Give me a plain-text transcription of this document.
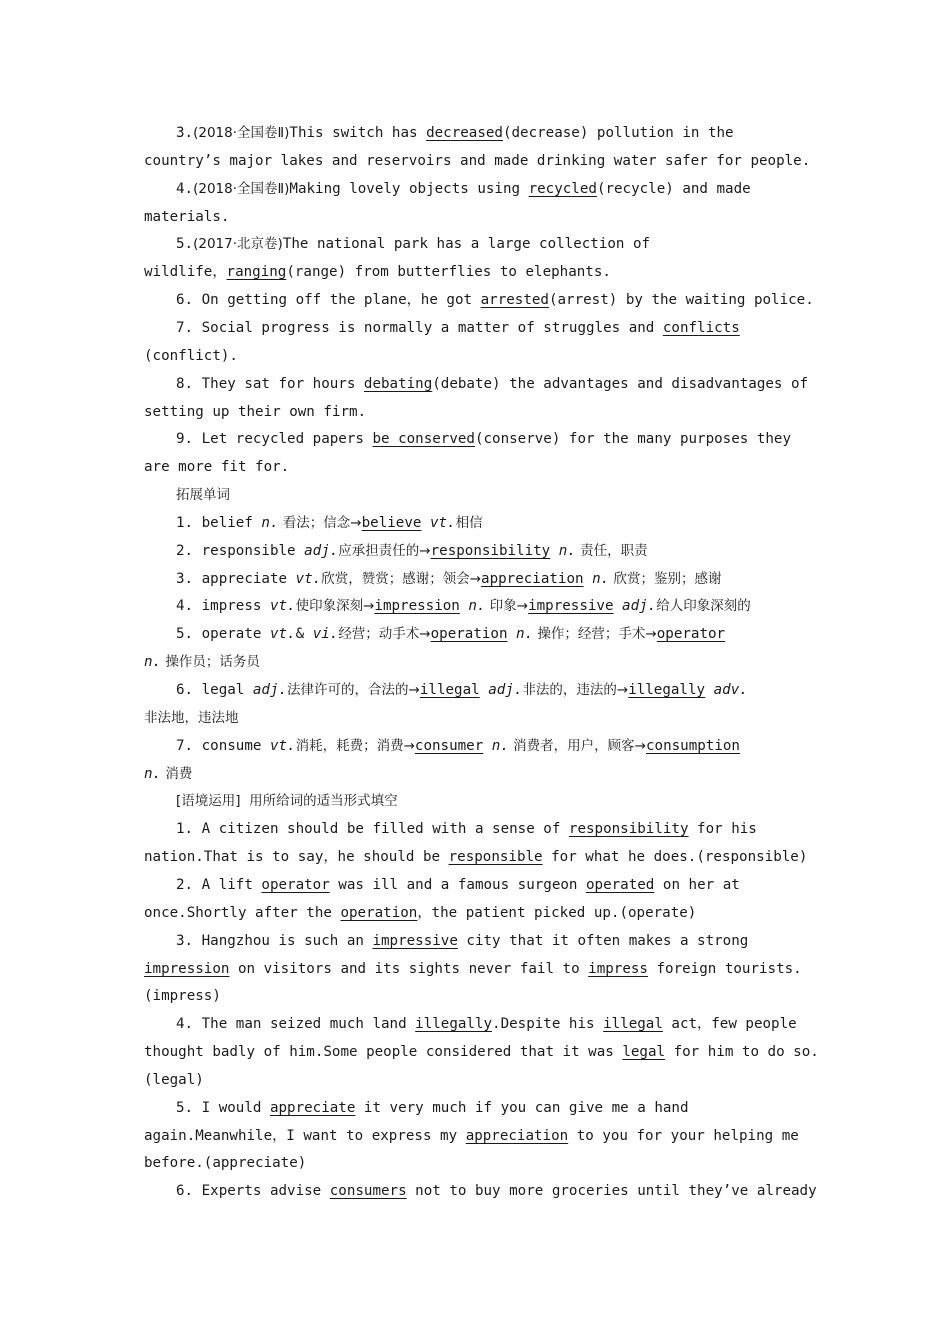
3.(2018·全国卷Ⅱ)This switch has decreased(decrease) pollution in the
country’s major lakes and reservoirs and made drinking water safer for people.
4.(2018·全国卷Ⅱ)Making lovely objects using recycled(recycle) and made
materials.
5.(2017·北京卷)The national park has a large collection of
wildlife，ranging(range) from butterflies to elephants.
6. On getting off the plane，he got arrested(arrest) by the waiting police.
7. Social progress is normally a matter of struggles and conflicts
(conflict).
8. They sat for hours debating(debate) the advantages and disadvantages of
setting up their own firm.
9. Let recycled papers be conserved(conserve) for the many purposes they
are more fit for.
拓展单词
1. belief n. 看法；信念→believe vt.相信
2. responsible adj.应承担责任的→responsibility n. 责任，职责
3. appreciate vt.欣赏，赞赏；感谢；领会→appreciation n. 欣赏；鉴别；感谢
4. impress vt.使印象深刻→impression n. 印象→impressive adj.给人印象深刻的
5. operate vt.& vi.经营；动手术→operation n. 操作；经营；手术→operator
n. 操作员；话务员
6. legal adj.法律许可的，合法的→illegal adj.非法的，违法的→illegally adv.
非法地，违法地
7. consume vt.消耗，耗费；消费→consumer n. 消费者，用户，顾客→consumption
n. 消费
[语境运用]  用所给词的适当形式填空
1. A citizen should be filled with a sense of responsibility for his
nation.That is to say，he should be responsible for what he does.(responsible)
2. A lift operator was ill and a famous surgeon operated on her at
once.Shortly after the operation，the patient picked up.(operate)
3. Hangzhou is such an impressive city that it often makes a strong
impression on visitors and its sights never fail to impress foreign tourists.
(impress)
4. The man seized much land illegally.Despite his illegal act，few people
thought badly of him.Some people considered that it was legal for him to do so.
(legal)
5. I would appreciate it very much if you can give me a hand
again.Meanwhile，I want to express my appreciation to you for your helping me
before.(appreciate)
6. Experts advise consumers not to buy more groceries until they’ve already
